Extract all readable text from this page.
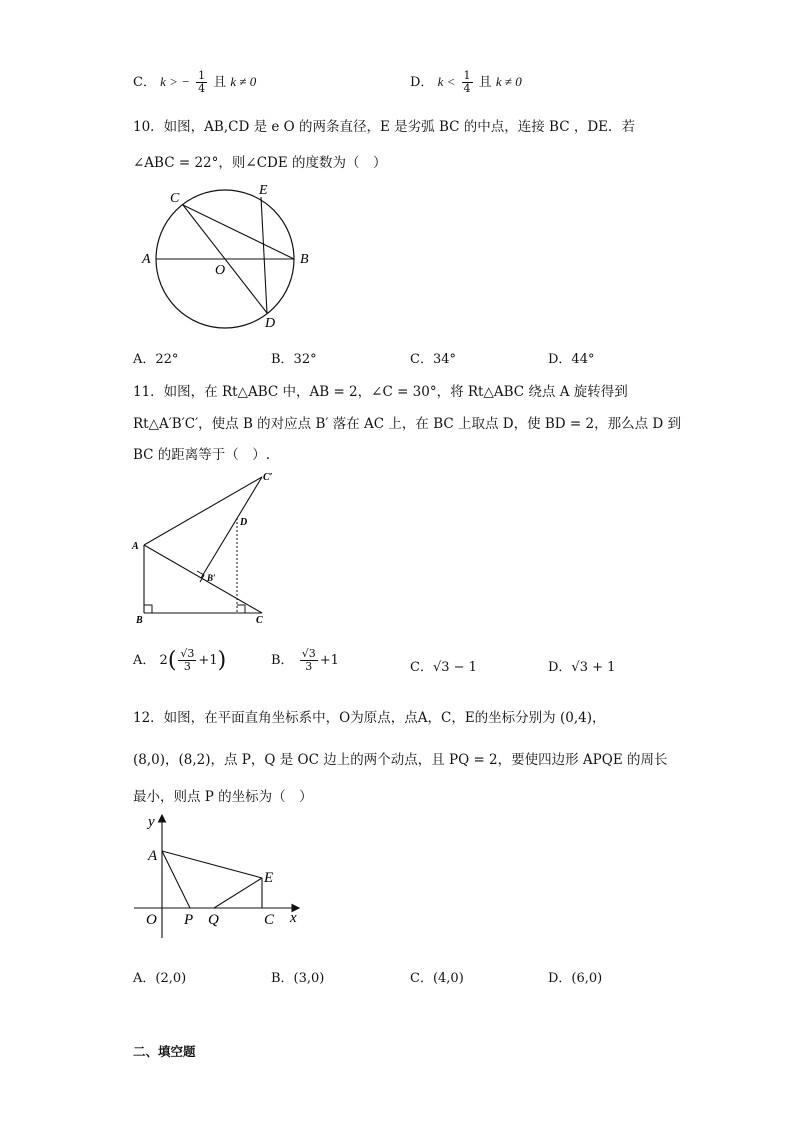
C． k > − $\frac{1}{4}$ 且 k ≠ 0	D． $k < \frac{1}{4}$ 且 k ≠ 0
10．如图，AB,CD 是 e O 的两条直径，E 是劣弧 BC 的中点，连接 BC ，DE．若
∠ABC = 22°，则∠CDE 的度数为（　）
C
E
A	B
O
D
A．22°	B．32°	C．34°	D．44°
11．如图，在 Rt△ABC 中，AB = 2，∠C = 30°，将 Rt△ABC 绕点 A 旋转得到
Rt△A′B′C′，使点 B 的对应点 B′ 落在 AC 上，在 BC 上取点 D，使 BD = 2，那么点 D 到
BC 的距离等于（　）.
A
B	C
C′
D
B′
A． $2( \frac{√3}{3} +1)$	B． $\frac{√3}{3} +1$	C．√3 − 1	D．√3 + 1
12．如图，在平面直角坐标系中，O为原点，点A，C，E的坐标分别为 (0,4)，
(8,0)，(8,2)，点 P，Q 是 OC 边上的两个动点，且 PQ = 2，要使四边形 APQE 的周长
最小，则点 P 的坐标为（　）
y
x
A
E
O P Q	C
A．(2,0)	B．(3,0)	C．(4,0)	D．(6,0)
二、填空题
